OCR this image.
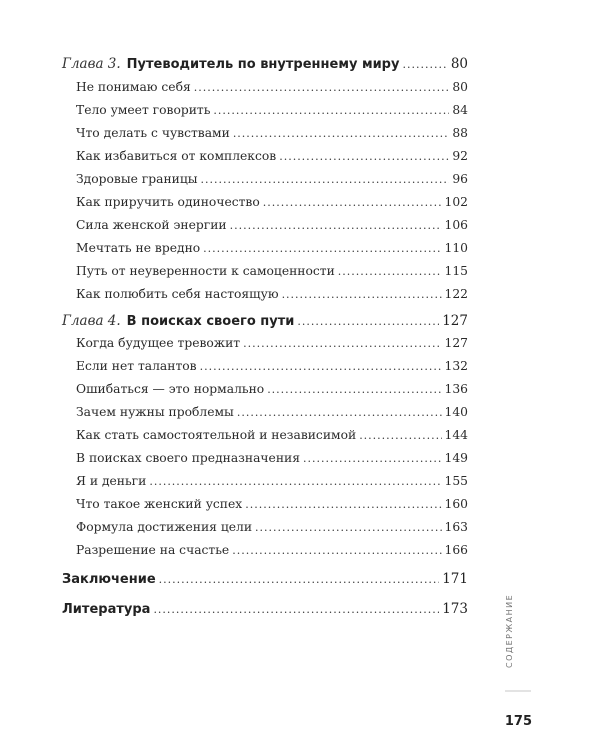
Глава 3. Путеводитель по внутреннему миру .....	80
Не понимаю себя .....	80
Тело умеет говорить .....	84
Что делать с чувствами .....	88
Как избавиться от комплексов .....	92
Здоровые границы .....	96
Как приручить одиночество .....	102
Сила женской энергии .....	106
Мечтать не вредно .....	110
Путь от неуверенности к самоценности .....	115
Как полюбить себя настоящую .....	122
Глава 4. В поисках своего пути .....	127
Когда будущее тревожит .....	127
Если нет талантов .....	132
Ошибаться — это нормально .....	136
Зачем нужны проблемы .....	140
Как стать самостоятельной и независимой .....	144
В поисках своего предназначения .....	149
Я и деньги .....	155
Что такое женский успех .....	160
Формула достижения цели .....	163
Разрешение на счастье .....	166
Заключение .....	171
Литература .....	173	СОДЕРЖАНИЕ
175
